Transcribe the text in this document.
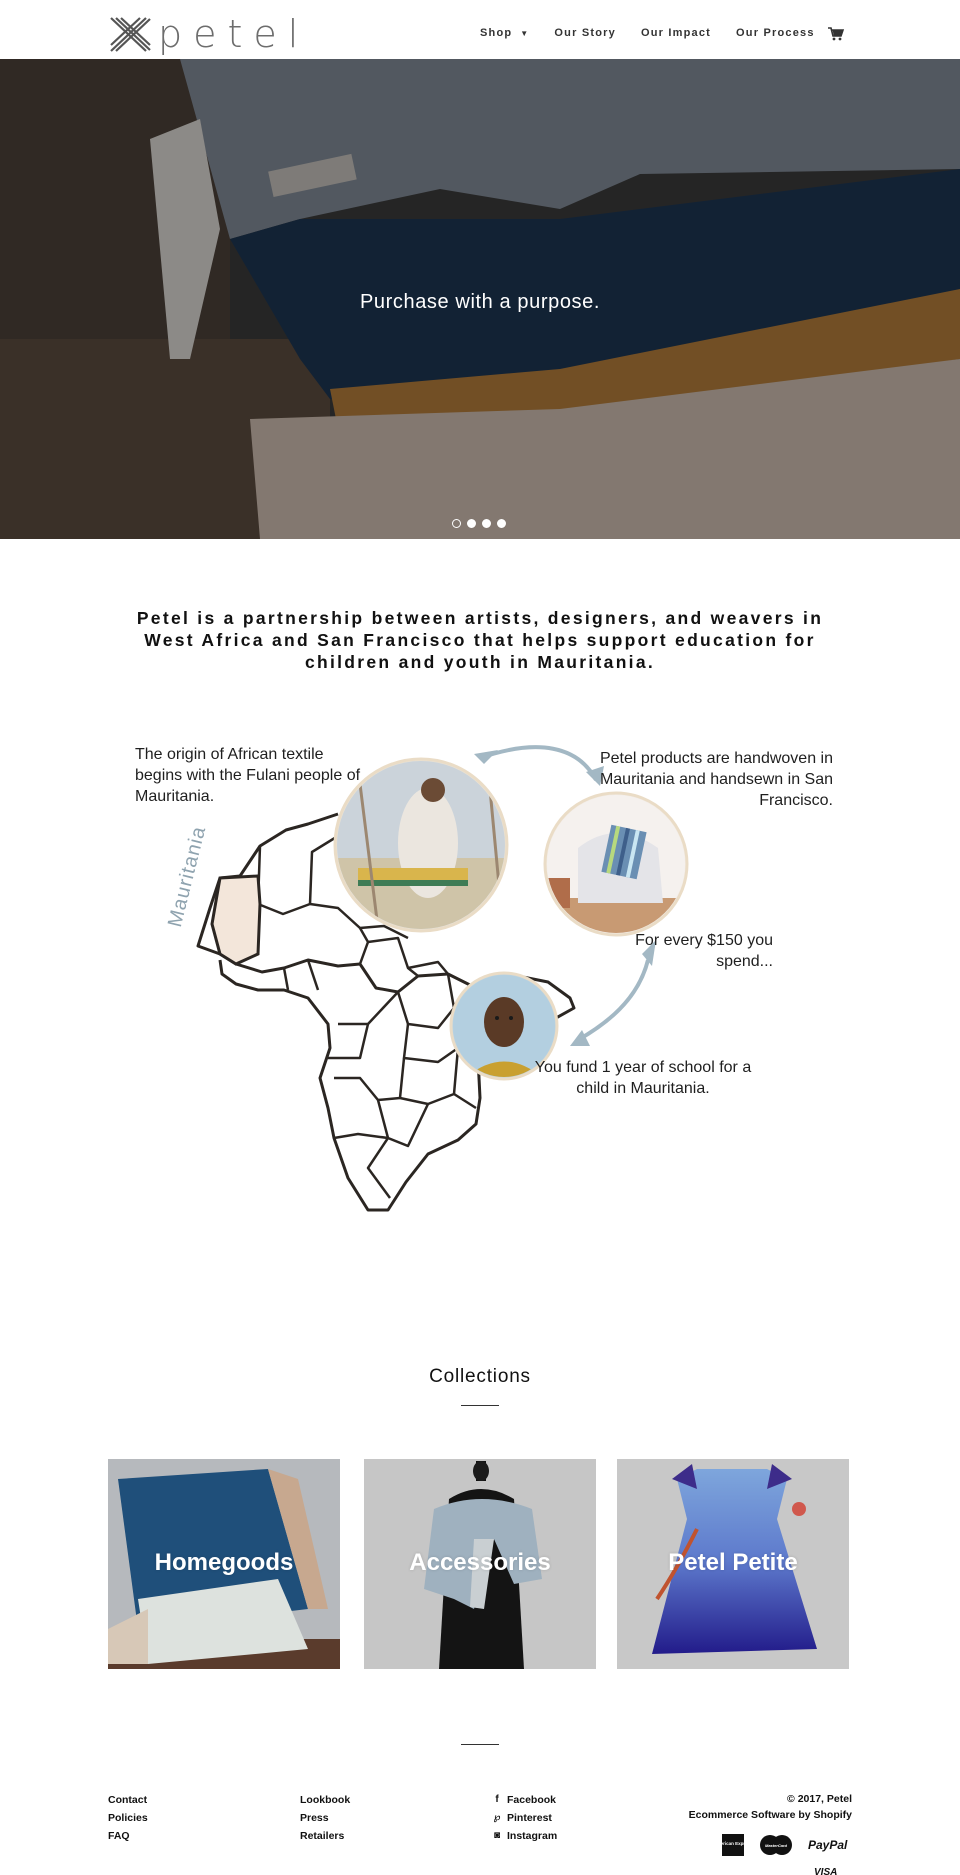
petel	Shop ▼ Our Story Our Impact Our Process
Purchase with a purpose.
Petel is a partnership between artists, designers, and weavers in West Africa and San Francisco that helps support education for children and youth in Mauritania.
The origin of African textile begins with the Fulani people of Mauritania.
Petel products are handwoven in Mauritania and handsewn in San Francisco.
For every $150 you spend...
You fund 1 year of school for a child in Mauritania.
Mauritania
Collections
Homegoods	Accessories	Petel Petite
Contact
Policies
FAQ
Lookbook
Press
Retailers
f Facebook
℘ Pinterest
◙ Instagram
© 2017, Petel
Ecommerce Software by Shopify
American Express	MasterCard PayPal
VISA
